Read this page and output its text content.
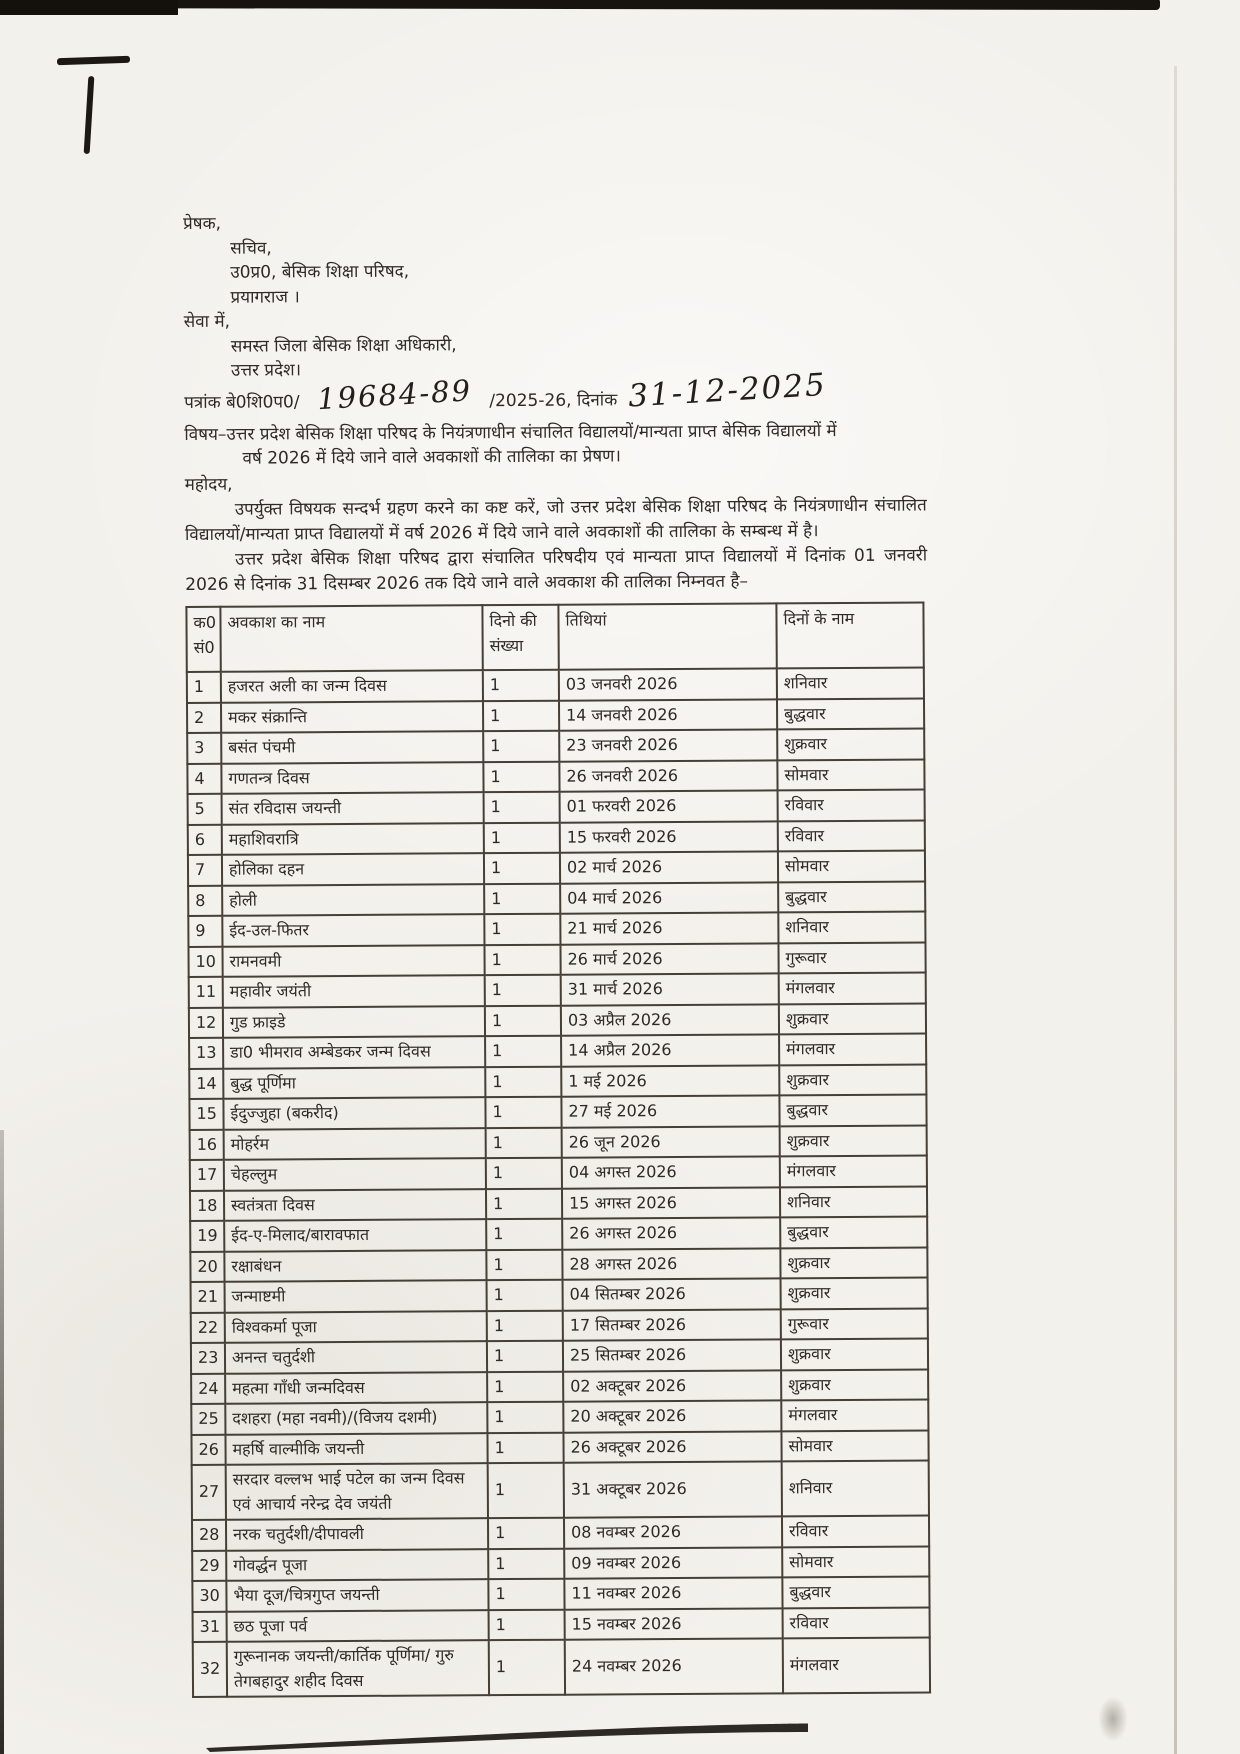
प्रेषक,
सचिव,
उ0प्र0, बेसिक शिक्षा परिषद,
प्रयागराज ।
सेवा में,
समस्त जिला बेसिक शिक्षा अधिकारी,
उत्तर प्रदेश।
पत्रांक बे0शि0प0/ 19684-89 /2025-26, दिनांक 31-12-2025
विषय–उत्तर प्रदेश बेसिक शिक्षा परिषद के नियंत्रणाधीन संचालित विद्यालयों/मान्यता प्राप्त बेसिक विद्यालयों में
वर्ष 2026 में दिये जाने वाले अवकाशों की तालिका का प्रेषण।
महोदय,

उपर्युक्त विषयक सन्दर्भ ग्रहण करने का कष्ट करें, जो उत्तर प्रदेश बेसिक शिक्षा परिषद के नियंत्रणाधीन संचालित विद्यालयों/मान्यता प्राप्त विद्यालयों में वर्ष 2026 में दिये जाने वाले अवकाशों की तालिका के सम्बन्ध में है।

उत्तर प्रदेश बेसिक शिक्षा परिषद द्वारा संचालित परिषदीय एवं मान्यता प्राप्त विद्यालयों में दिनांक 01 जनवरी 2026 से दिनांक 31 दिसम्बर 2026 तक दिये जाने वाले अवकाश की तालिका निम्नवत है–

क0 सं0	अवकाश का नाम	दिनो की संख्या	तिथियां	दिनों के नाम
1	हजरत अली का जन्म दिवस	1	03 जनवरी 2026	शनिवार
2	मकर संक्रान्ति	1	14 जनवरी 2026	बुद्धवार
3	बसंत पंचमी	1	23 जनवरी 2026	शुक्रवार
4	गणतन्त्र दिवस	1	26 जनवरी 2026	सोमवार
5	संत रविदास जयन्ती	1	01 फरवरी 2026	रविवार
6	महाशिवरात्रि	1	15 फरवरी 2026	रविवार
7	होलिका दहन	1	02 मार्च 2026	सोमवार
8	होली	1	04 मार्च 2026	बुद्धवार
9	ईद-उल-फितर	1	21 मार्च 2026	शनिवार
10	रामनवमी	1	26 मार्च 2026	गुरूवार
11	महावीर जयंती	1	31 मार्च 2026	मंगलवार
12	गुड फ्राइडे	1	03 अप्रैल 2026	शुक्रवार
13	डा0 भीमराव अम्बेडकर जन्म दिवस	1	14 अप्रैल 2026	मंगलवार
14	बुद्ध पूर्णिमा	1	1 मई 2026	शुक्रवार
15	ईदुज्जुहा (बकरीद)	1	27 मई 2026	बुद्धवार
16	मोहर्रम	1	26 जून 2026	शुक्रवार
17	चेहल्लुम	1	04 अगस्त 2026	मंगलवार
18	स्वतंत्रता दिवस	1	15 अगस्त 2026	शनिवार
19	ईद-ए-मिलाद/बारावफात	1	26 अगस्त 2026	बुद्धवार
20	रक्षाबंधन	1	28 अगस्त 2026	शुक्रवार
21	जन्माष्टमी	1	04 सितम्बर 2026	शुक्रवार
22	विश्वकर्मा पूजा	1	17 सितम्बर 2026	गुरूवार
23	अनन्त चतुर्दशी	1	25 सितम्बर 2026	शुक्रवार
24	महत्मा गाँधी जन्मदिवस	1	02 अक्टूबर 2026	शुक्रवार
25	दशहरा (महा नवमी)/(विजय दशमी)	1	20 अक्टूबर 2026	मंगलवार
26	महर्षि वाल्मीकि जयन्ती	1	26 अक्टूबर 2026	सोमवार
27	सरदार वल्लभ भाई पटेल का जन्म दिवस एवं आचार्य नरेन्द्र देव जयंती	1	31 अक्टूबर 2026	शनिवार
28	नरक चतुर्दशी/दीपावली	1	08 नवम्बर 2026	रविवार
29	गोवर्द्धन पूजा	1	09 नवम्बर 2026	सोमवार
30	भैया दूज/चित्रगुप्त जयन्ती	1	11 नवम्बर 2026	बुद्धवार
31	छठ पूजा पर्व	1	15 नवम्बर 2026	रविवार
32	गुरूनानक जयन्ती/कार्तिक पूर्णिमा/ गुरु तेगबहादुर शहीद दिवस	1	24 नवम्बर 2026	मंगलवार
